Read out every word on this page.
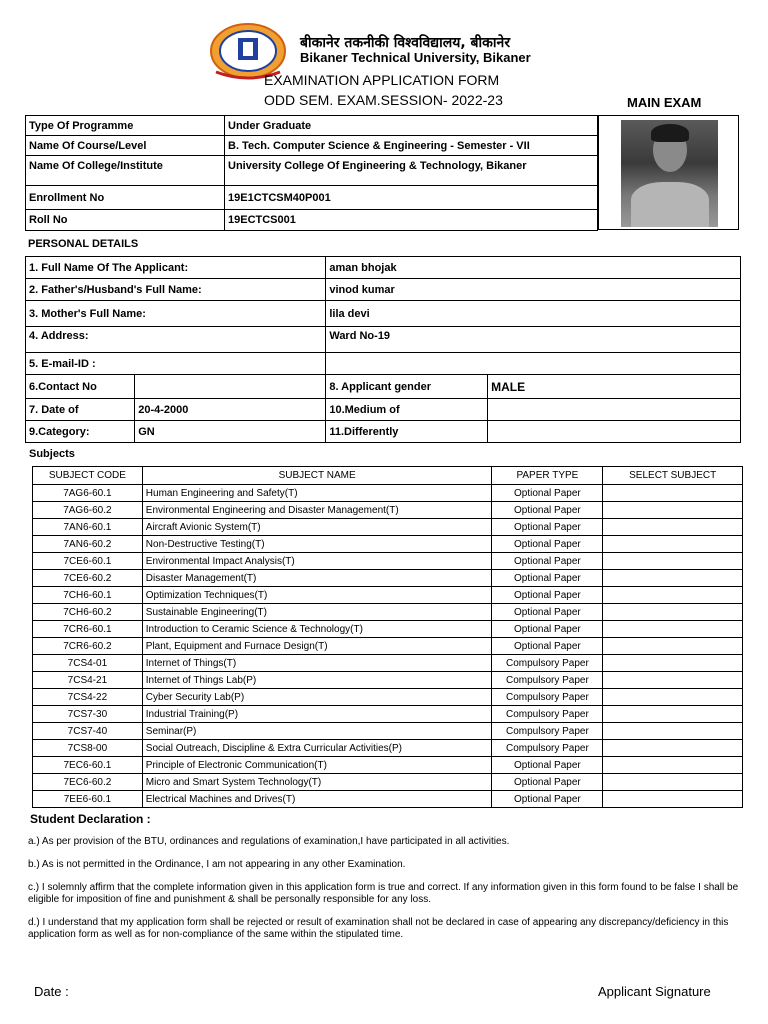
बीकानेर तकनीकी विश्वविद्यालय, बीकानेर
Bikaner Technical University, Bikaner
EXAMINATION APPLICATION FORM
ODD SEM. EXAM.SESSION- 2022-23	MAIN EXAM
Type Of Programme	Under Graduate
Name Of Course/Level	B. Tech. Computer Science & Engineering - Semester - VII
Name Of College/Institute	University College Of Engineering & Technology, Bikaner
Enrollment No	19E1CTCSM40P001
Roll No	19ECTCS001
PERSONAL DETAILS
1. Full Name Of The Applicant:		aman bhojak	
2. Father's/Husband's Full Name:		vinod kumar	
3. Mother's Full Name:		lila devi	
4. Address:		Ward No-19	
5. E-mail-ID :			
6.Contact No		8. Applicant gender	MALE
7. Date of	20-4-2000	10.Medium of	
9.Category:	GN	11.Differently	
Subjects
SUBJECT CODE	SUBJECT NAME	PAPER TYPE	SELECT SUBJECT
7AG6-60.1	Human Engineering and Safety(T)	Optional Paper	
7AG6-60.2	Environmental Engineering and Disaster Management(T)	Optional Paper	
7AN6-60.1	Aircraft Avionic System(T)	Optional Paper	
7AN6-60.2	Non-Destructive Testing(T)	Optional Paper	
7CE6-60.1	Environmental Impact Analysis(T)	Optional Paper	
7CE6-60.2	Disaster Management(T)	Optional Paper	
7CH6-60.1	Optimization Techniques(T)	Optional Paper	
7CH6-60.2	Sustainable Engineering(T)	Optional Paper	
7CR6-60.1	Introduction to Ceramic Science & Technology(T)	Optional Paper	
7CR6-60.2	Plant, Equipment and Furnace Design(T)	Optional Paper	
7CS4-01	Internet of Things(T)	Compulsory Paper	
7CS4-21	Internet of Things Lab(P)	Compulsory Paper	
7CS4-22	Cyber Security Lab(P)	Compulsory Paper	
7CS7-30	Industrial Training(P)	Compulsory Paper	
7CS7-40	Seminar(P)	Compulsory Paper	
7CS8-00	Social Outreach, Discipline & Extra Curricular Activities(P)	Compulsory Paper	
7EC6-60.1	Principle of Electronic Communication(T)	Optional Paper	
7EC6-60.2	Micro and Smart System Technology(T)	Optional Paper	
7EE6-60.1	Electrical Machines and Drives(T)	Optional Paper	
Student Declaration :
a.) As per provision of the BTU, ordinances and regulations of examination,I have participated in all activities.
b.) As is not permitted in the Ordinance, I am not appearing in any other Examination.
c.) I solemnly affirm that the complete information given in this application form is true and correct. If any information given in this form found to be false I shall be eligible for imposition of fine and punishment & shall be personally responsible for any loss.
d.) I understand that my application form shall be rejected or result of examination shall not be declared in case of appearing any discrepancy/deficiency in this application form as well as for non-compliance of the same within the stipulated time.
Date :	Applicant Signature
